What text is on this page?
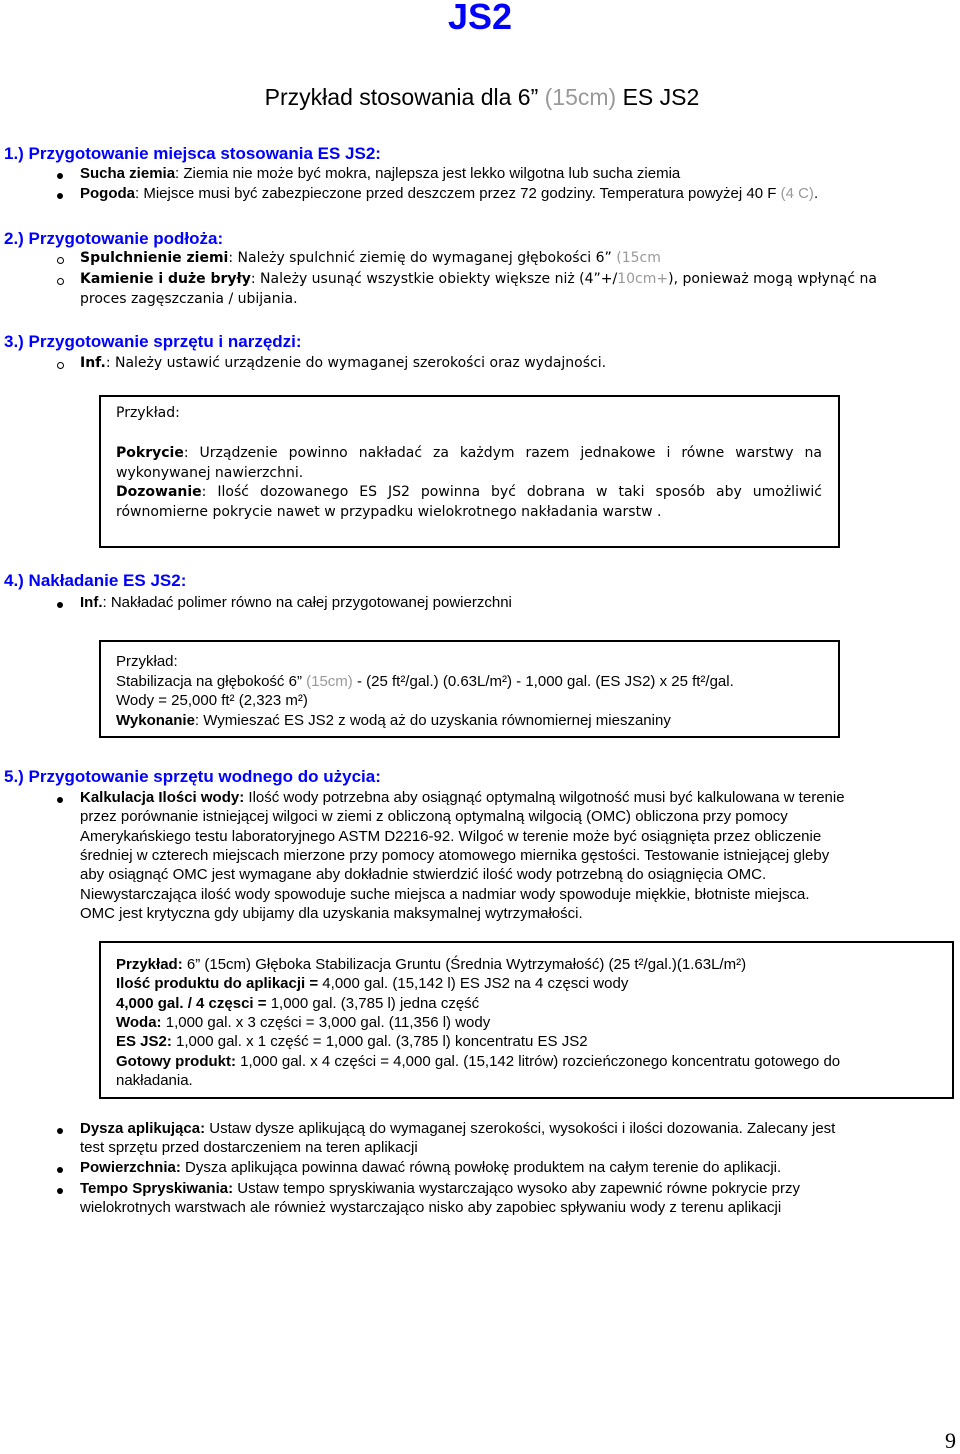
JS2
Przykład stosowania dla 6” (15cm) ES JS2
1.) Przygotowanie miejsca stosowania ES JS2:
Sucha ziemia: Ziemia nie może być mokra, najlepsza jest lekko wilgotna lub sucha ziemia
Pogoda: Miejsce musi być zabezpieczone przed deszczem przez 72 godziny. Temperatura powyżej 40 F (4 C).
2.) Przygotowanie podłoża:
Spulchnienie ziemi: Należy spulchnić ziemię do wymaganej głębokości 6” (15cm
Kamienie i duże bryły: Należy usunąć wszystkie obiekty większe niż (4”+/10cm+), ponieważ mogą wpłynąć na
proces zagęszczania / ubijania.
3.) Przygotowanie sprzętu i narzędzi:
Inf.: Należy ustawić urządzenie do wymaganej szerokości oraz wydajności.
Przykład:
Pokrycie: Urządzenie powinno nakładać za każdym razem jednakowe i równe warstwy na
wykonywanej nawierzchni.
Dozowanie: Ilość dozowanego ES JS2 powinna być dobrana w taki sposób aby umożliwić
równomierne pokrycie nawet w przypadku wielokrotnego nakładania warstw .
4.) Nakładanie ES JS2:
Inf.: Nakładać polimer równo na całej przygotowanej powierzchni
Przykład:
Stabilizacja na głębokość 6” (15cm) - (25 ft²/gal.) (0.63L/m²) - 1,000 gal. (ES JS2) x 25 ft²/gal.
Wody = 25,000 ft² (2,323 m²)
Wykonanie: Wymieszać ES JS2 z wodą aż do uzyskania równomiernej mieszaniny
5.) Przygotowanie sprzętu wodnego do użycia:
Kalkulacja Ilości wody: Ilość wody potrzebna aby osiągnąć optymalną wilgotność musi być kalkulowana w terenie
przez porównanie istniejącej wilgoci w ziemi z obliczoną optymalną wilgocią (OMC) obliczona przy pomocy
Amerykańskiego testu laboratoryjnego ASTM D2216-92. Wilgoć w terenie może być osiągnięta przez obliczenie
średniej w czterech miejscach mierzone przy pomocy atomowego miernika gęstości. Testowanie istniejącej gleby
aby osiągnąć OMC jest wymagane aby dokładnie stwierdzić ilość wody potrzebną do osiągnięcia OMC.
Niewystarczająca ilość wody spowoduje suche miejsca a nadmiar wody spowoduje miękkie, błotniste miejsca.
OMC jest krytyczna gdy ubijamy dla uzyskania maksymalnej wytrzymałości.
Przykład: 6” (15cm) Głęboka Stabilizacja Gruntu (Średnia Wytrzymałość) (25 t²/gal.)(1.63L/m²)
Ilość produktu do aplikacji = 4,000 gal. (15,142 l) ES JS2 na 4 częsci wody
4,000 gal. / 4 częsci = 1,000 gal. (3,785 l) jedna część
Woda: 1,000 gal. x 3 części = 3,000 gal. (11,356 l) wody
ES JS2: 1,000 gal. x 1 część = 1,000 gal. (3,785 l) koncentratu ES JS2
Gotowy produkt: 1,000 gal. x 4 części = 4,000 gal. (15,142 litrów) rozcieńczonego koncentratu gotowego do
nakładania.
Dysza aplikująca: Ustaw dysze aplikującą do wymaganej szerokości, wysokości i ilości dozowania. Zalecany jest
test sprzętu przed dostarczeniem na teren aplikacji
Powierzchnia: Dysza aplikująca powinna dawać równą powłokę produktem na całym terenie do aplikacji.
Tempo Spryskiwania: Ustaw tempo spryskiwania wystarczająco wysoko aby zapewnić równe pokrycie przy
wielokrotnych warstwach ale również wystarczająco nisko aby zapobiec spływaniu wody z terenu aplikacji
9
